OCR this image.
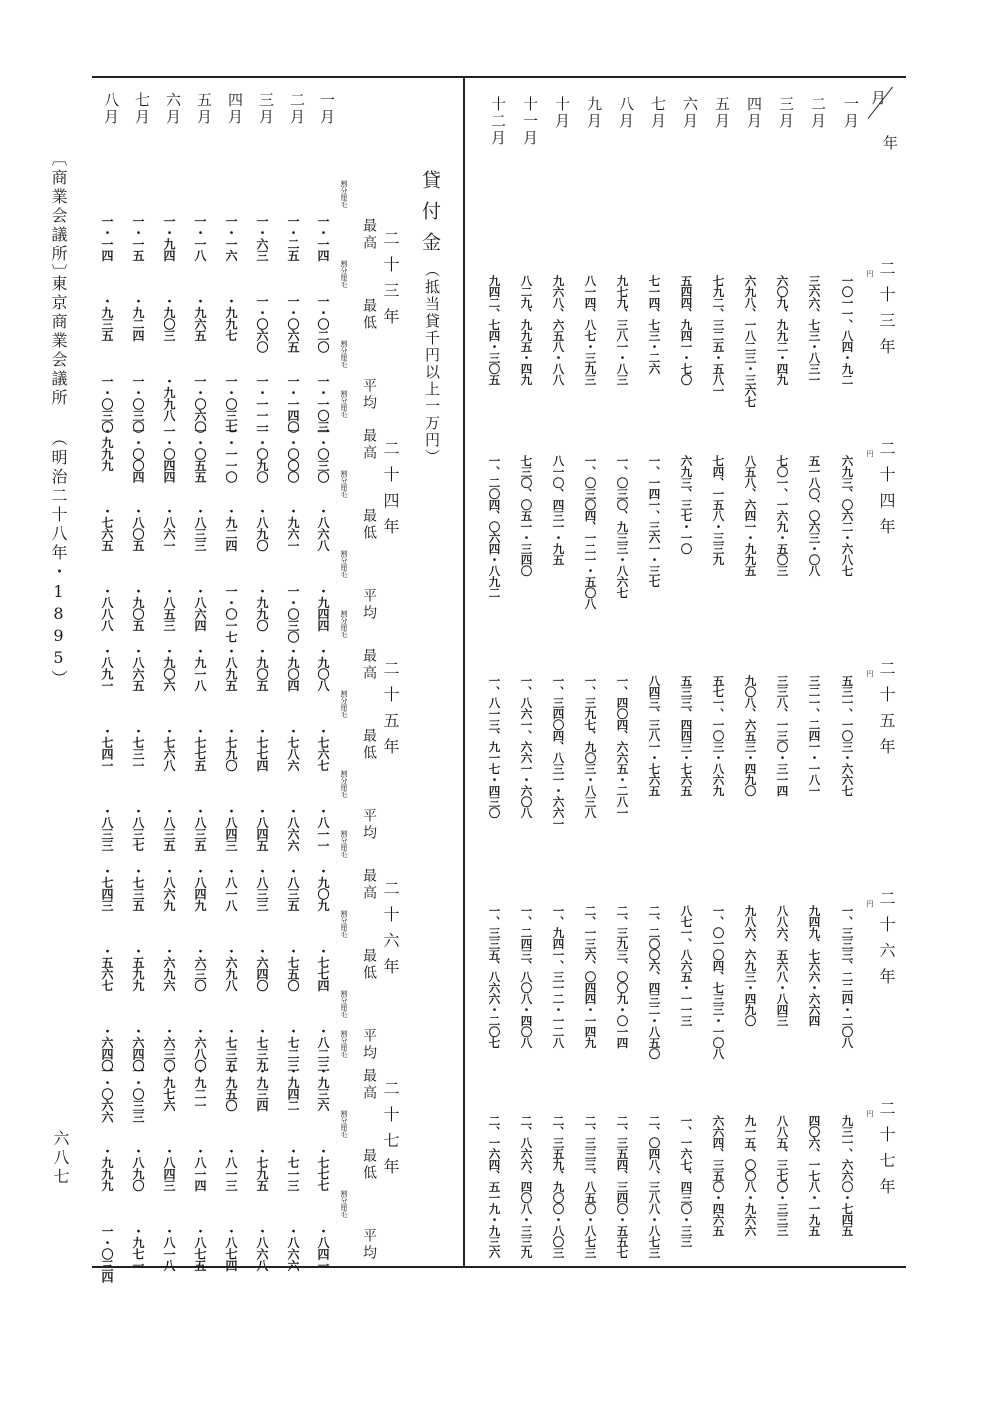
月
年
一月
二月
三月
四月
五月
六月
七月
八月
九月
十月
十一月
十二月
二十三年
二十四年
二十五年
二十六年
二十七年
円
一〇一一、八四・九二
三六六、七三・八三一
六〇九、九九二・四九
六九八、一八二三・三六七
七九二、三二五・五八一
五四四、九四一・七〇
七一四、七三・二六
九七九、三八一・八三
八一四、八七・三九三
九六八、六五八・八八
八二九、九九五・四九
九四二、七四・三〇五
円
六九三、〇六二・六八七
五一八〇、〇六三・〇八
七〇一、一六九・五〇三
八五八、六四一・九九五
七四、一五八・三三九
六九三、三七・一〇
一、一四一、三六一・三七
一、〇三〇、九三三・八六七
一、〇三〇四、一二一・五〇八
八一〇、四三一・九五
七三〇、〇五一・三四〇
一、二〇四、〇六四・八九二
円
五三一、一〇三・六六七
三二一、二四一・一八一
三三八、一三〇・三一四
九〇八、六五三・四九〇
五七一、一〇三・八六九
五三三、四四三・七六五
八四三、三八一・七六五
一、四〇四、六六五・二八一
一、三九七、九〇三・八三八
一、三四〇四、八三一・六六一
一、八六一、六六一・六〇八
一、八一三、九一七・四三〇
円
一、三三三、二二四・二〇八
九四九、七六六・六六四
八八六、五六八・八四三
九八六、六九三・四九〇
一、〇一〇四、七三三・一〇八
八七一、八六五・一一三
二、二〇〇六、四三二・八五〇
二、三九三、〇〇九・〇一四
二、一三六、〇四四・一四九
一、九四一、三一二・一二八
一、二四三、八〇八・四〇八
一、三三五、八六六・二〇七
円
九三一、六六〇・七四五
四〇六、一七八・一九五
八八五、三七〇・三三三
九一五、〇〇八・九六六
六六四、三五〇・四六五
一、一六七、四三〇・三三
二、〇四八、三八八・八七三
二、三五四、三四〇・五五七
二、三三三、八五〇・八七三
二、三五九、九〇〇・八〇三
二、八六六、四〇八・三三九
二、一六四、五一九・九三六
一月
二月
三月
四月
五月
六月
七月
八月
二十三年
二十四年
二十五年
二十六年
二十七年
最高
割分厘毛
一・一四
一・二五
一・六三
一・一六
一・一八
一・九四
一・一五
一・一四
最低
割分厘毛
一・〇二〇
一・〇六五
一・〇六〇
・九九七
・九六五
・九〇三
・九二四
・九三五
平均
割分厘毛
一・一〇三
一・一四〇
一・一一一
一・〇三七
一・〇六〇
・九九八
一・〇三〇
一・〇三〇
最高
割分厘毛
一・〇三〇
一・〇〇〇
一・〇九〇
一・一一〇
一・〇五五
一・〇四四
一・〇〇四
・九九九
最低
割分厘毛
・八六八
・九六一
・八九〇
・九二四
・八三三
・八六一
・八〇五
・七六五
平均
割分厘毛
・九四四
一・〇三〇
・九九〇
一・〇一七
・八六四
・八五三
・九〇五
・八八八
最高
割分厘毛
・九〇八
・九〇四
・九〇五
・八九五
・九一八
・九〇六
・八六五
・八九一
最低
割分厘毛
・七六七
・七八六
・七七四
・七九〇
・七七五
・七六八
・七三一
・七四一
平均
割分厘毛
・八一一
・八六六
・八四五
・八四三
・八三五
・八三五
・八三七
・八三三
最高
割分厘毛
・九〇九
・八三五
・八三三
・八一八
・八四九
・八六九
・七三五
・七四三
最低
割分厘毛
・七七四
・七五〇
・六四〇
・六九八
・六三〇
・六九六
・五九九
・五六七
平均
割分厘毛
・八二三
・七二三
・七三九
・七三五
・六八〇
・六三〇
・六四〇
・六四〇
最高
割分厘毛
・九三六
・九四二
・九三四
・九五〇
・九二一
・九七六
一・〇三三
一・〇六六
最低
割分厘毛
・七七七
・七一三
・七九五
・八一三
・八一四
・八四三
・八九〇
・九九九
平均
割分厘毛
・八四一
・八六六
・八六八
・八七四
・八七五
・八一八
・九七一
一・〇三四
貸付金
（抵当貸千円以上一万円）
〔商業会議所〕
東京商業会議所
（明治二十八年・1895）
六八七
